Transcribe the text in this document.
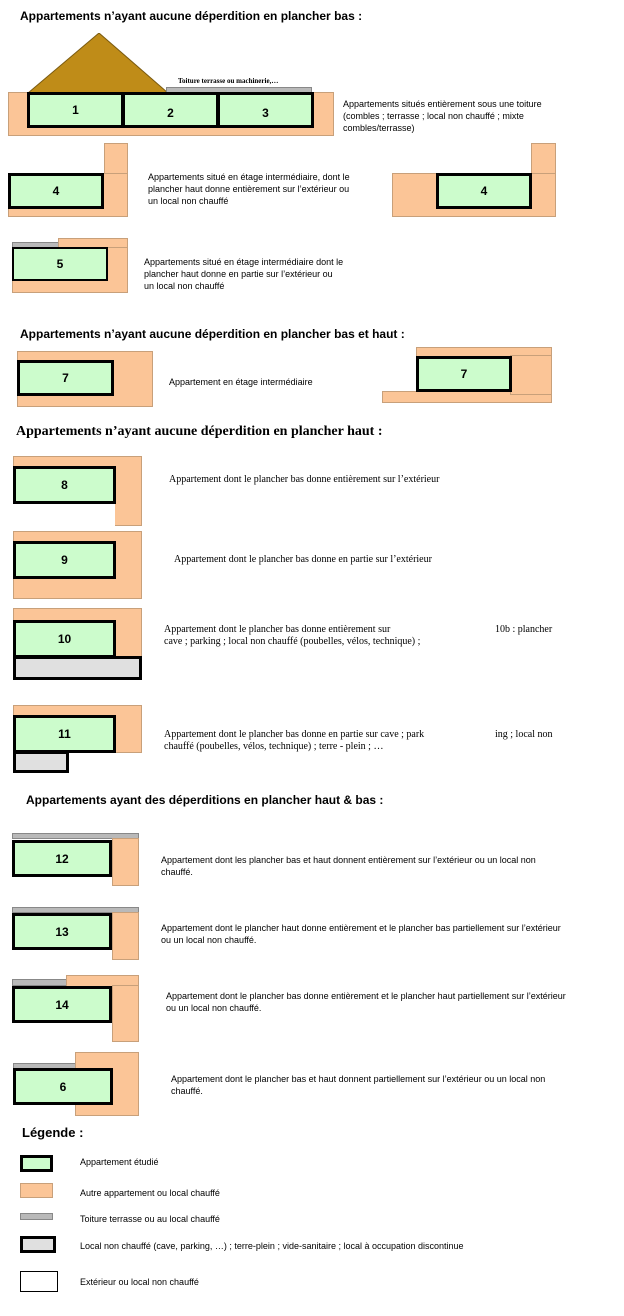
Appartements n’ayant aucune déperdition en plancher bas :
Toiture terrasse ou machinerie,…
1	2	3
Appartements situés entièrement sous une toiture (combles ; terrasse ; local non chauffé ; mixte combles/terrasse)
4
Appartements situé en étage intermédiaire, dont le plancher haut donne entièrement sur l’extérieur ou un local non chauffé
4
5	Appartements situé en étage intermédiaire dont le plancher haut donne en partie sur l’extérieur ou un local non chauffé
Appartements n’ayant aucune déperdition en plancher bas et haut :
7	Appartement en étage intermédiaire
7
Appartements n’ayant aucune déperdition en plancher haut :
8	Appartement dont le plancher bas donne entièrement sur l’extérieur
9	Appartement dont le plancher bas donne en partie sur l’extérieur
10
Appartement dont le plancher bas donne entièrement sur
cave ; parking ; local non chauffé (poubelles, vélos, technique) ;
10b : plancher
11	Appartement dont le plancher bas donne en partie sur cave ; park
chauffé (poubelles, vélos, technique) ; terre - plein ; …
ing ; local non
Appartements ayant des déperditions en plancher haut & bas :
12	Appartement dont les plancher bas et haut donnent entièrement sur l’extérieur ou un local non chauffé.
13	Appartement dont le plancher haut donne entièrement et le plancher bas partiellement sur l’extérieur ou un local non chauffé.
14
Appartement dont le plancher bas donne entièrement et le plancher haut partiellement sur l’extérieur ou un local non chauffé.
6
Appartement dont le plancher bas et haut donnent partiellement sur l’extérieur ou un local non chauffé.
Légende :
Appartement étudié
Autre appartement ou local chauffé
Toiture terrasse ou au local chauffé
Local non chauffé (cave, parking, …) ; terre-plein ; vide-sanitaire ; local à occupation discontinue
Extérieur ou local non chauffé
